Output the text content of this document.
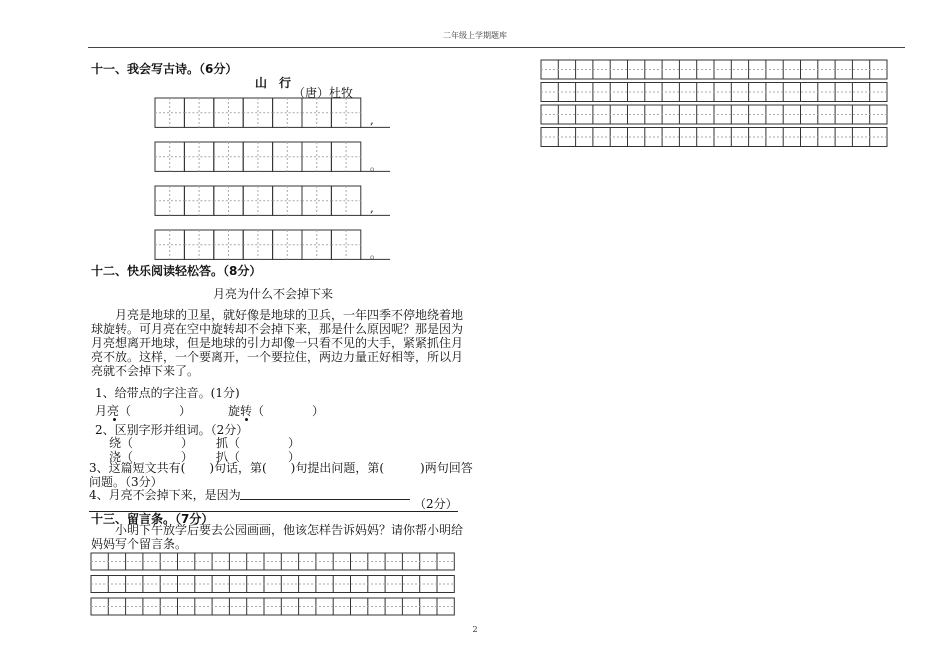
二年级上学期题库
十一、我会写古诗。（6分）
山　行
（唐）杜牧
,
。
,
。
十二、快乐阅读轻松答。（8分）
月亮为什么不会掉下来
月亮是地球的卫星，就好像是地球的卫兵，一年四季不停地绕着地球旋转。可月亮在空中旋转却不会掉下来，那是什么原因呢？那是因为月亮想离开地球，但是地球的引力却像一只看不见的大手，紧紧抓住月亮不放。这样，一个要离开，一个要拉住，两边力量正好相等，所以月亮就不会掉下来了。
1、给带点的字注音。(1分)
月亮（　　　　）	旋转（　　　　）
2、区别字形并组词。（2分）
绕（　　　　） 抓（　　　　）
浇（　　　　） 扒（　　　　）
3、这篇短文共有(　　)句话，第(　　)句提出问题，第(　　　)两句回答
问题。（3分）
4、月亮不会掉下来，是因为
（2分）
十三、留言条。（7分）
小明下午放学后要去公园画画，他该怎样告诉妈妈？请你帮小明给妈妈写个留言条。
2
